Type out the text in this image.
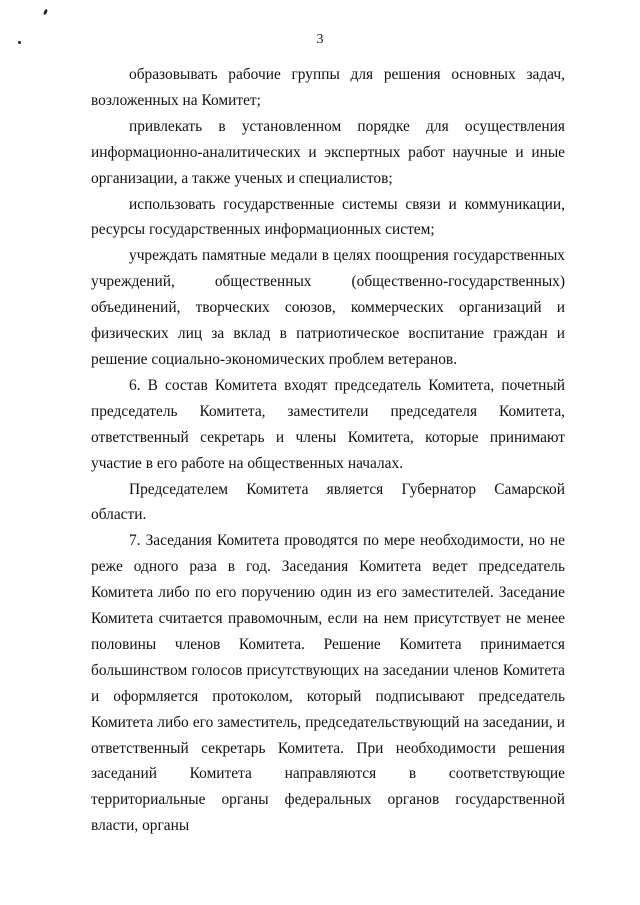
3

образовывать рабочие группы для решения основных задач, возложенных на Комитет;

привлекать в установленном порядке для осуществления информационно-аналитических и экспертных работ научные и иные организации, а также ученых и специалистов;

использовать государственные системы связи и коммуникации, ресурсы государственных информационных систем;

учреждать памятные медали в целях поощрения государственных учреждений, общественных (общественно-государственных) объединений, творческих союзов, коммерческих организаций и физических лиц за вклад в патриотическое воспитание граждан и решение социально-экономических проблем ветеранов.

6. В состав Комитета входят председатель Комитета, почетный председатель Комитета, заместители председателя Комитета, ответственный секретарь и члены Комитета, которые принимают участие в его работе на общественных началах.

Председателем Комитета является Губернатор Самарской области.

7. Заседания Комитета проводятся по мере необходимости, но не реже одного раза в год. Заседания Комитета ведет председатель Комитета либо по его поручению один из его заместителей. Заседание Комитета считается правомочным, если на нем присутствует не менее половины членов Комитета. Решение Комитета принимается большинством голосов присутствующих на заседании членов Комитета и оформляется протоколом, который подписывают председатель Комитета либо его заместитель, председательствующий на заседании, и ответственный секретарь Комитета. При необходимости решения заседаний Комитета направляются в соответствующие территориальные органы федеральных органов государственной власти, органы
